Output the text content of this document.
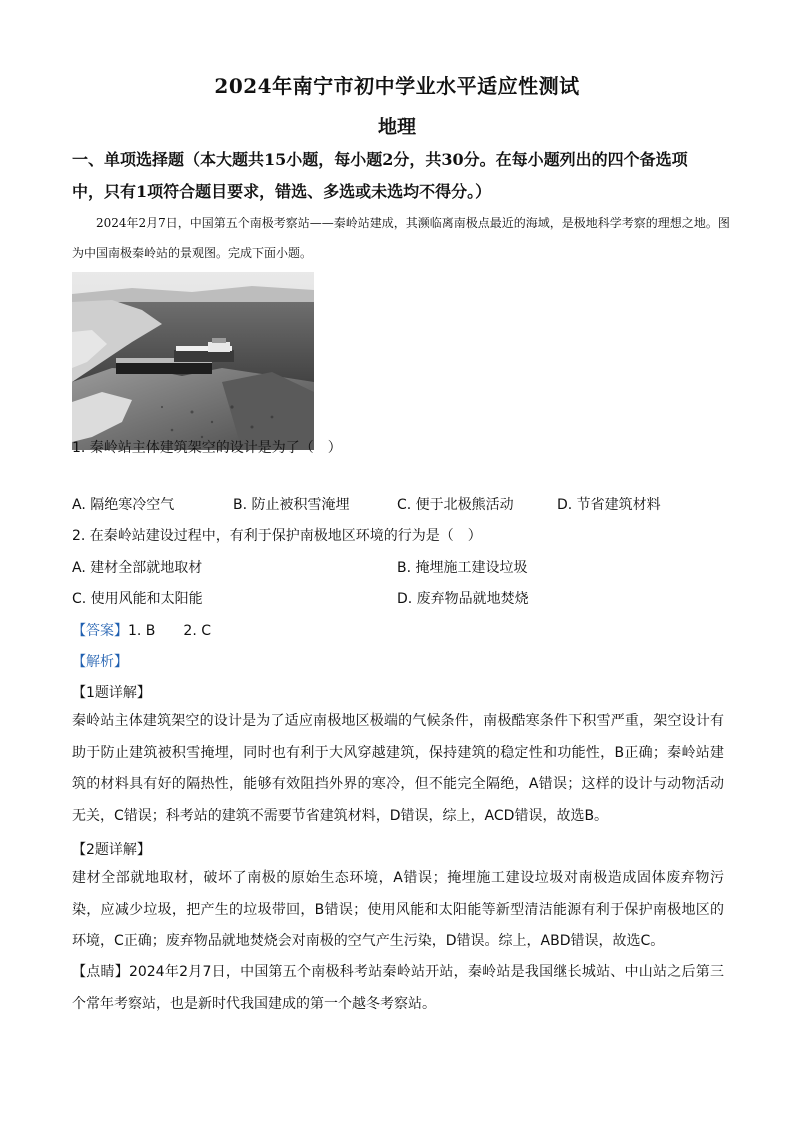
2024年南宁市初中学业水平适应性测试
地理
一、单项选择题（本大题共15小题，每小题2分，共30分。在每小题列出的四个备选项
中，只有1项符合题目要求，错选、多选或未选均不得分。）
2024年2月7日，中国第五个南极考察站——秦岭站建成，其濒临离南极点最近的海域，是极地科学考察的理想之地。图为中国南极秦岭站的景观图。完成下面小题。
1. 秦岭站主体建筑架空的设计是为了（　）
A. 隔绝寒冷空气	B. 防止被积雪淹埋	C. 便于北极熊活动	D. 节省建筑材料
2. 在秦岭站建设过程中，有利于保护南极地区环境的行为是（　）
A. 建材全部就地取材	B. 掩埋施工建设垃圾
C. 使用风能和太阳能	D. 废弃物品就地焚烧
【答案】1. B　　2. C
【解析】
【1题详解】
秦岭站主体建筑架空的设计是为了适应南极地区极端的气候条件，南极酷寒条件下积雪严重，架空设计有助于防止建筑被积雪掩埋，同时也有利于大风穿越建筑，保持建筑的稳定性和功能性，B正确；秦岭站建筑的材料具有好的隔热性，能够有效阻挡外界的寒冷，但不能完全隔绝，A错误；这样的设计与动物活动无关，C错误；科考站的建筑不需要节省建筑材料，D错误，综上，ACD错误，故选B。
【2题详解】
建材全部就地取材，破坏了南极的原始生态环境，A错误；掩埋施工建设垃圾对南极造成固体废弃物污染，应减少垃圾，把产生的垃圾带回，B错误；使用风能和太阳能等新型清洁能源有利于保护南极地区的环境，C正确；废弃物品就地焚烧会对南极的空气产生污染，D错误。综上，ABD错误，故选C。
【点睛】2024年2月7日，中国第五个南极科考站秦岭站开站，秦岭站是我国继长城站、中山站之后第三个常年考察站，也是新时代我国建成的第一个越冬考察站。
